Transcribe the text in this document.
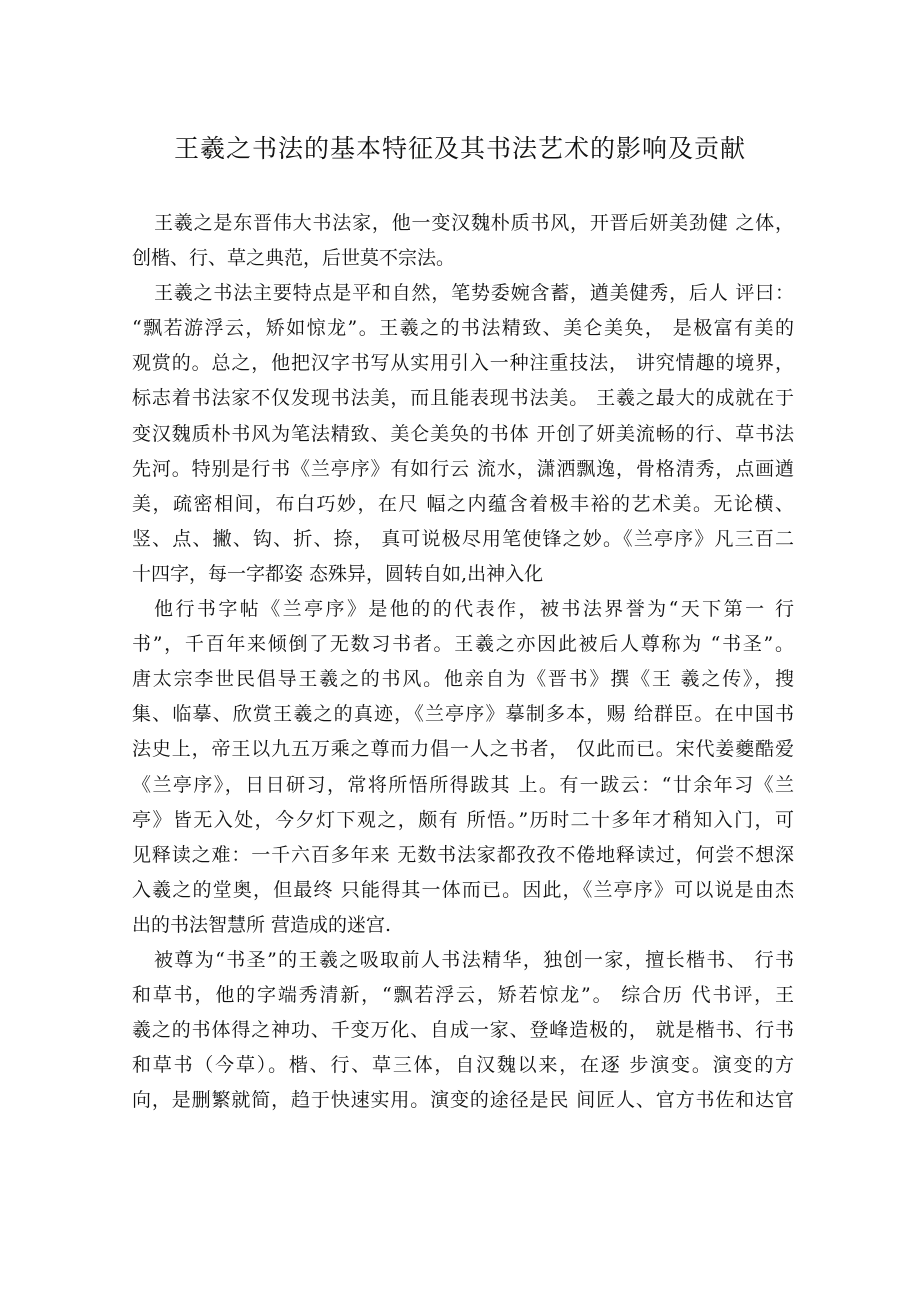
王羲之书法的基本特征及其书法艺术的影响及贡献
王羲之是东晋伟大书法家，他一变汉魏朴质书风，开晋后妍美劲健 之体，
创楷、行、草之典范，后世莫不宗法。
王羲之书法主要特点是平和自然，笔势委婉含蓄，遒美健秀，后人 评曰：
“飘若游浮云，矫如惊龙”。王羲之的书法精致、美仑美奂， 是极富有美的
观赏的。总之，他把汉字书写从实用引入一种注重技法， 讲究情趣的境界，
标志着书法家不仅发现书法美，而且能表现书法美。 王羲之最大的成就在于
变汉魏质朴书风为笔法精致、美仑美奂的书体 开创了妍美流畅的行、草书法
先河。特别是行书《兰亭序》有如行云 流水，潇洒飘逸，骨格清秀，点画遒
美，疏密相间，布白巧妙，在尺 幅之内蕴含着极丰裕的艺术美。无论横、
竖、点、撇、钩、折、捺， 真可说极尽用笔使锋之妙。《兰亭序》凡三百二
十四字，每一字都姿 态殊异，圆转自如,出神入化
他行书字帖《兰亭序》是他的的代表作，被书法界誉为“天下第一 行
书”，千百年来倾倒了无数习书者。王羲之亦因此被后人尊称为 “书圣”。
唐太宗李世民倡导王羲之的书风。他亲自为《晋书》撰《王 羲之传》，搜
集、临摹、欣赏王羲之的真迹，《兰亭序》摹制多本，赐 给群臣。在中国书
法史上，帝王以九五万乘之尊而力倡一人之书者， 仅此而已。宋代姜夔酷爱
《兰亭序》，日日研习，常将所悟所得跋其 上。有一跋云：“廿余年习《兰
亭》皆无入处，今夕灯下观之，颇有 所悟。”历时二十多年才稍知入门，可
见释读之难：一千六百多年来 无数书法家都孜孜不倦地释读过，何尝不想深
入羲之的堂奥，但最终 只能得其一体而已。因此，《兰亭序》可以说是由杰
出的书法智慧所 营造成的迷宫.
被尊为“书圣”的王羲之吸取前人书法精华，独创一家，擅长楷书、 行书
和草书，他的字端秀清新，“飘若浮云，矫若惊龙”。 综合历 代书评，王
羲之的书体得之神功、千变万化、自成一家、登峰造极的， 就是楷书、行书
和草书（今草）。楷、行、草三体，自汉魏以来，在逐 步演变。演变的方
向，是删繁就简，趋于快速实用。演变的途径是民 间匠人、官方书佐和达官
